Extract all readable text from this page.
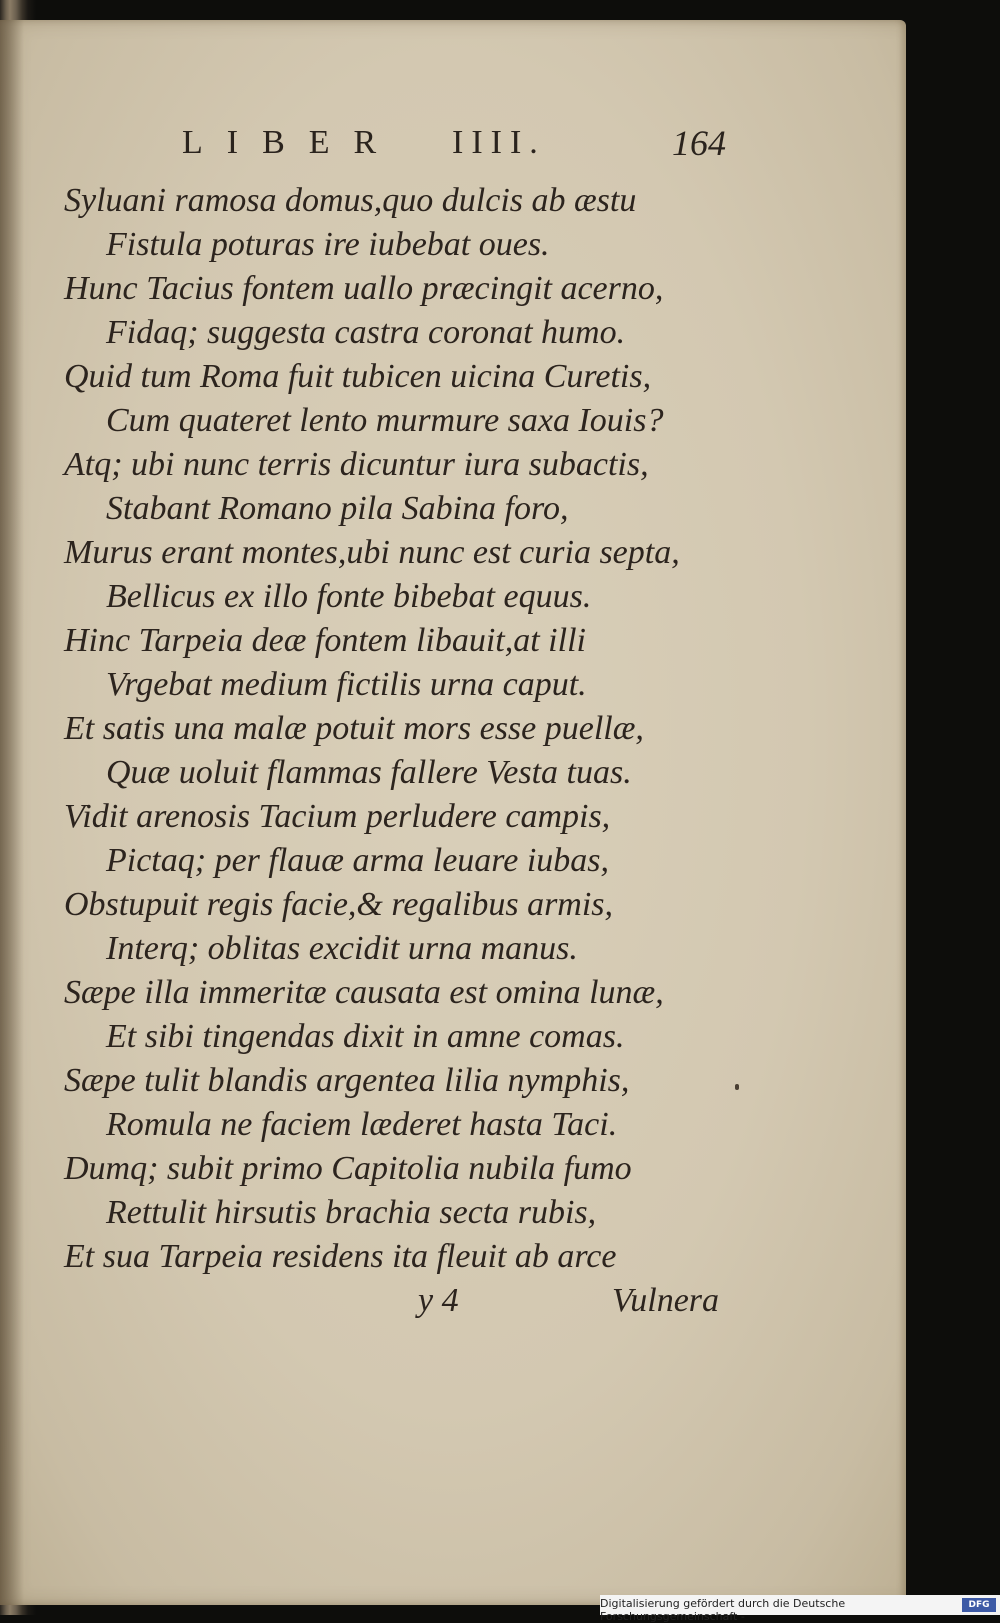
LIBER IIII.	164
Syluani ramosa domus,quo dulcis ab æstu
Fistula poturas ire iubebat oues.
Hunc Tacius fontem uallo præcingit acerno,
Fidaq; suggesta castra coronat humo.
Quid tum Roma fuit tubicen uicina Curetis,
Cum quateret lento murmure saxa Iouis?
Atq; ubi nunc terris dicuntur iura subactis,
Stabant Romano pila Sabina foro,
Murus erant montes,ubi nunc est curia septa,
Bellicus ex illo fonte bibebat equus.
Hinc Tarpeia deæ fontem libauit,at illi
Vrgebat medium fictilis urna caput.
Et satis una malæ potuit mors esse puellæ,
Quæ uoluit flammas fallere Vesta tuas.
Vidit arenosis Tacium perludere campis,
Pictaq; per flauæ arma leuare iubas,
Obstupuit regis facie,& regalibus armis,
Interq; oblitas excidit urna manus.
Sæpe illa immeritæ causata est omina lunæ,
Et sibi tingendas dixit in amne comas.
Sæpe tulit blandis argentea lilia nymphis,
Romula ne faciem læderet hasta Taci.
Dumq; subit primo Capitolia nubila fumo
Rettulit hirsutis brachia secta rubis,
Et sua Tarpeia residens ita fleuit ab arce
y 4	Vulnera
Digitalisierung gefördert durch die Deutsche Forschungsgemeinschaft -
DFG
